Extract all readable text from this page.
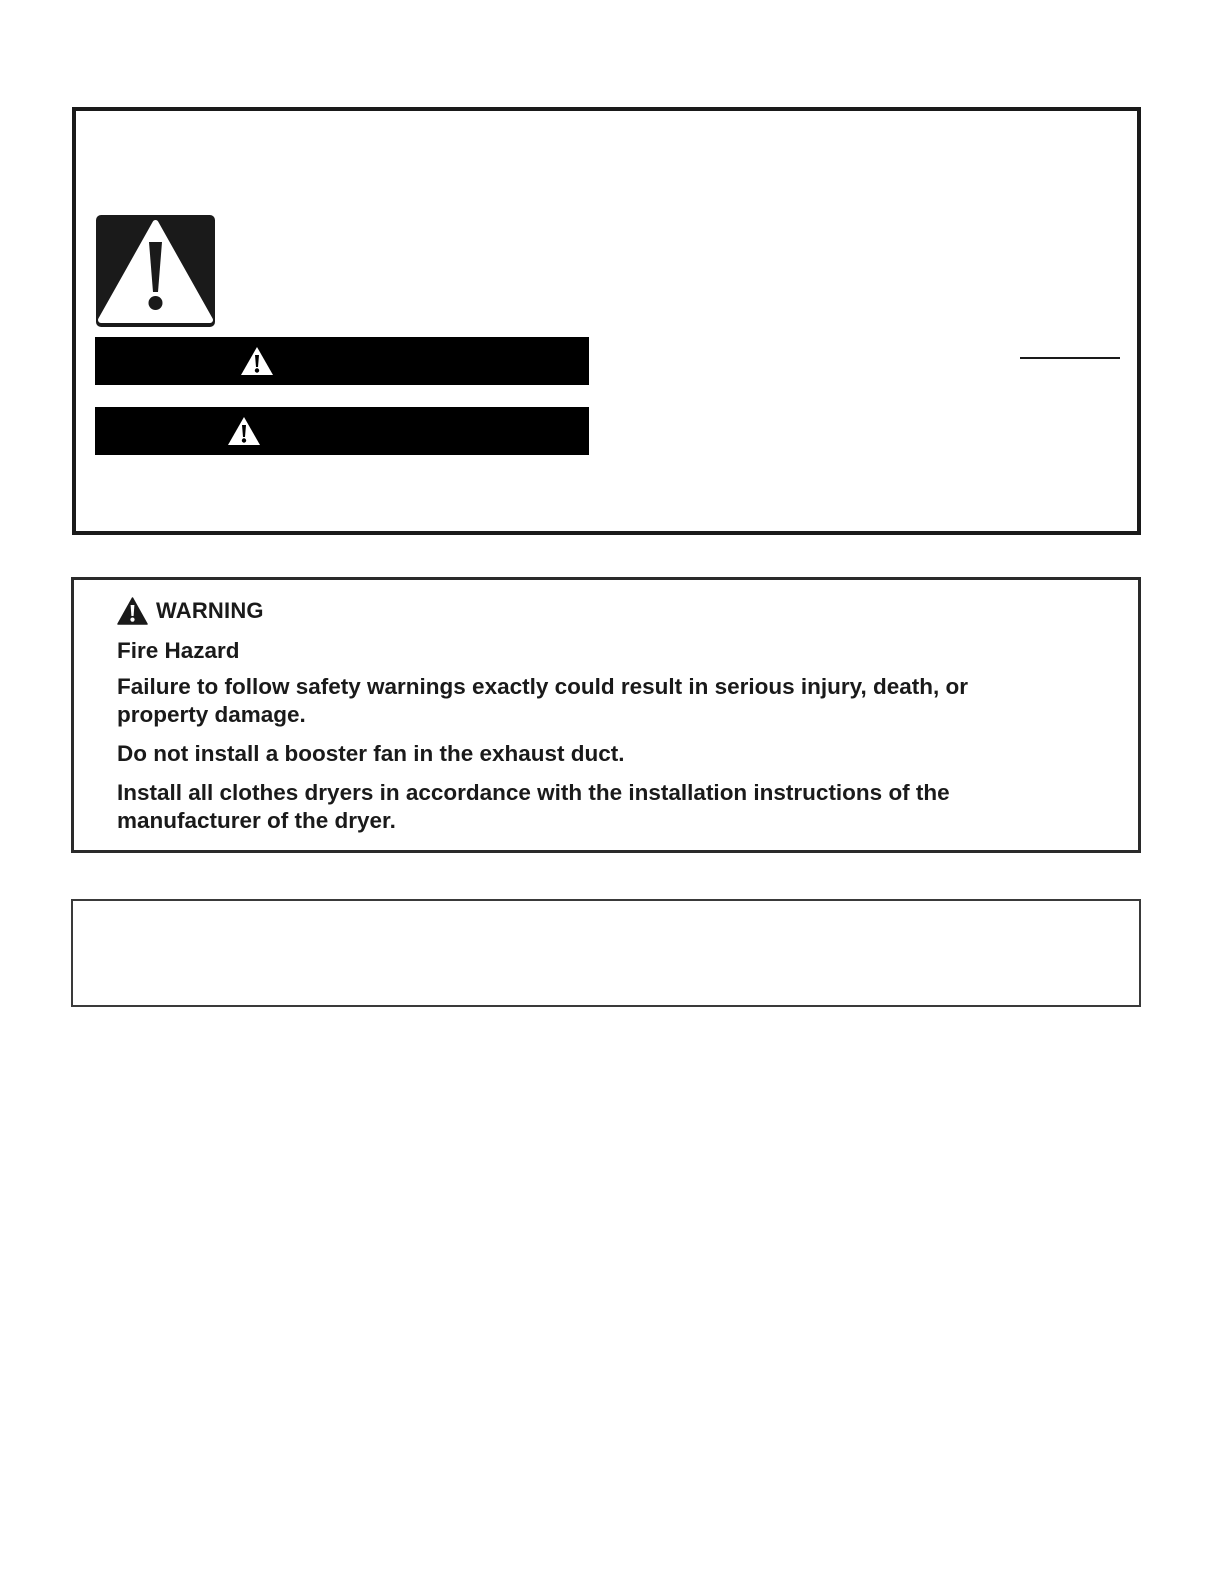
WARNING

Fire Hazard

Failure to follow safety warnings exactly could result in serious injury, death, or property damage.

Do not install a booster fan in the exhaust duct.

Install all clothes dryers in accordance with the installation instructions of the manufacturer of the dryer.
